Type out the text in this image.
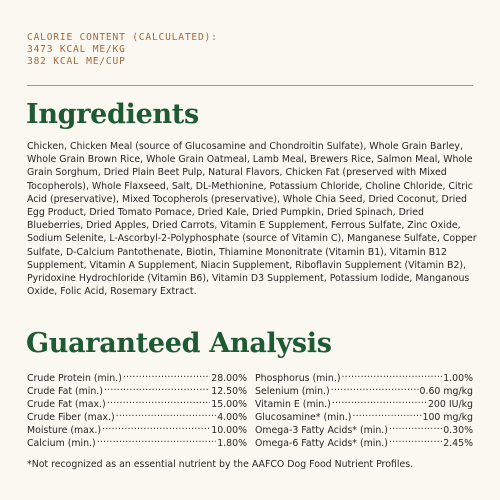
CALORIE CONTENT (CALCULATED):
3473 KCAL ME/KG
382 KCAL ME/CUP
Ingredients
Chicken, Chicken Meal (source of Glucosamine and Chondroitin Sulfate), Whole Grain Barley, Whole Grain Brown Rice, Whole Grain Oatmeal, Lamb Meal, Brewers Rice, Salmon Meal, Whole Grain Sorghum, Dried Plain Beet Pulp, Natural Flavors, Chicken Fat (preserved with Mixed Tocopherols), Whole Flaxseed, Salt, DL-Methionine, Potassium Chloride, Choline Chloride, Citric Acid (preservative), Mixed Tocopherols (preservative), Whole Chia Seed, Dried Coconut, Dried Egg Product, Dried Tomato Pomace, Dried Kale, Dried Pumpkin, Dried Spinach, Dried Blueberries, Dried Apples, Dried Carrots, Vitamin E Supplement, Ferrous Sulfate, Zinc Oxide, Sodium Selenite, L-Ascorbyl-2-Polyphosphate (source of Vitamin C), Manganese Sulfate, Copper Sulfate, D-Calcium Pantothenate, Biotin, Thiamine Mononitrate (Vitamin B1), Vitamin B12 Supplement, Vitamin A Supplement, Niacin Supplement, Riboflavin Supplement (Vitamin B2), Pyridoxine Hydrochloride (Vitamin B6), Vitamin D3 Supplement, Potassium Iodide, Manganous Oxide, Folic Acid, Rosemary Extract.
Guaranteed Analysis
Crude Protein (min.) .....	28.00%
Crude Fat (min.) .....	12.50%
Crude Fat (max.) .....	15.00%
Crude Fiber (max.) .....	4.00%
Moisture (max.) .....	10.00%
Calcium (min.) .....	1.80%
Phosphorus (min.) .....	1.00%
Selenium (min.) .....	0.60 mg/kg
Vitamin E (min.) .....	200 IU/kg
Glucosamine* (min.) .....	100 mg/kg
Omega-3 Fatty Acids* (min.) .....	0.30%
Omega-6 Fatty Acids* (min.) .....	2.45%
*Not recognized as an essential nutrient by the AAFCO Dog Food Nutrient Profiles.
